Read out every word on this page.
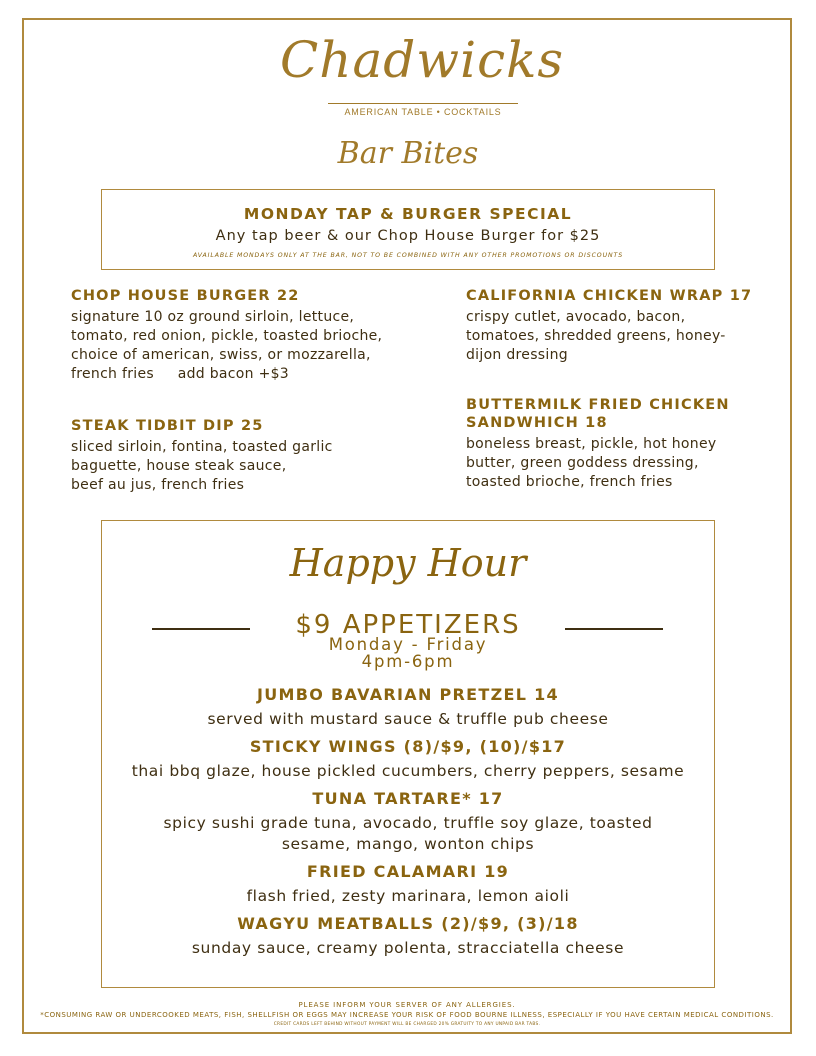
Chadwicks
AMERICAN TABLE • COCKTAILS
Bar Bites
MONDAY TAP & BURGER SPECIAL
Any tap beer & our Chop House Burger for $25
AVAILABLE MONDAYS ONLY AT THE BAR, NOT TO BE COMBINED WITH ANY OTHER PROMOTIONS OR DISCOUNTS
CHOP HOUSE BURGER 22
signature 10 oz ground sirloin, lettuce,
tomato, red onion, pickle, toasted brioche,
choice of american, swiss, or mozzarella,
french fries     add bacon +$3
STEAK TIDBIT DIP 25
sliced sirloin, fontina, toasted garlic
baguette, house steak sauce,
beef au jus, french fries
CALIFORNIA CHICKEN WRAP 17
crispy cutlet, avocado, bacon,
tomatoes, shredded greens, honey-
dijon dressing
BUTTERMILK FRIED CHICKEN
SANDWHICH 18
boneless breast, pickle, hot honey
butter, green goddess dressing,
toasted brioche, french fries
Happy Hour
$9 APPETIZERS
Monday - Friday
4pm-6pm
JUMBO BAVARIAN PRETZEL 14
served with mustard sauce & truffle pub cheese
STICKY WINGS (8)/$9, (10)/$17
thai bbq glaze, house pickled cucumbers, cherry peppers, sesame
TUNA TARTARE* 17
spicy sushi grade tuna, avocado, truffle soy glaze, toasted
sesame, mango, wonton chips
FRIED CALAMARI 19
flash fried, zesty marinara, lemon aioli
WAGYU MEATBALLS (2)/$9, (3)/18
sunday sauce, creamy polenta, stracciatella cheese
PLEASE INFORM YOUR SERVER OF ANY ALLERGIES.
*CONSUMING RAW OR UNDERCOOKED MEATS, FISH, SHELLFISH OR EGGS MAY INCREASE YOUR RISK OF FOOD BOURNE ILLNESS, ESPECIALLY IF YOU HAVE CERTAIN MEDICAL CONDITIONS.
CREDIT CARDS LEFT BEHIND WITHOUT PAYMENT WILL BE CHARGED 20% GRATUITY TO ANY UNPAID BAR TABS.
